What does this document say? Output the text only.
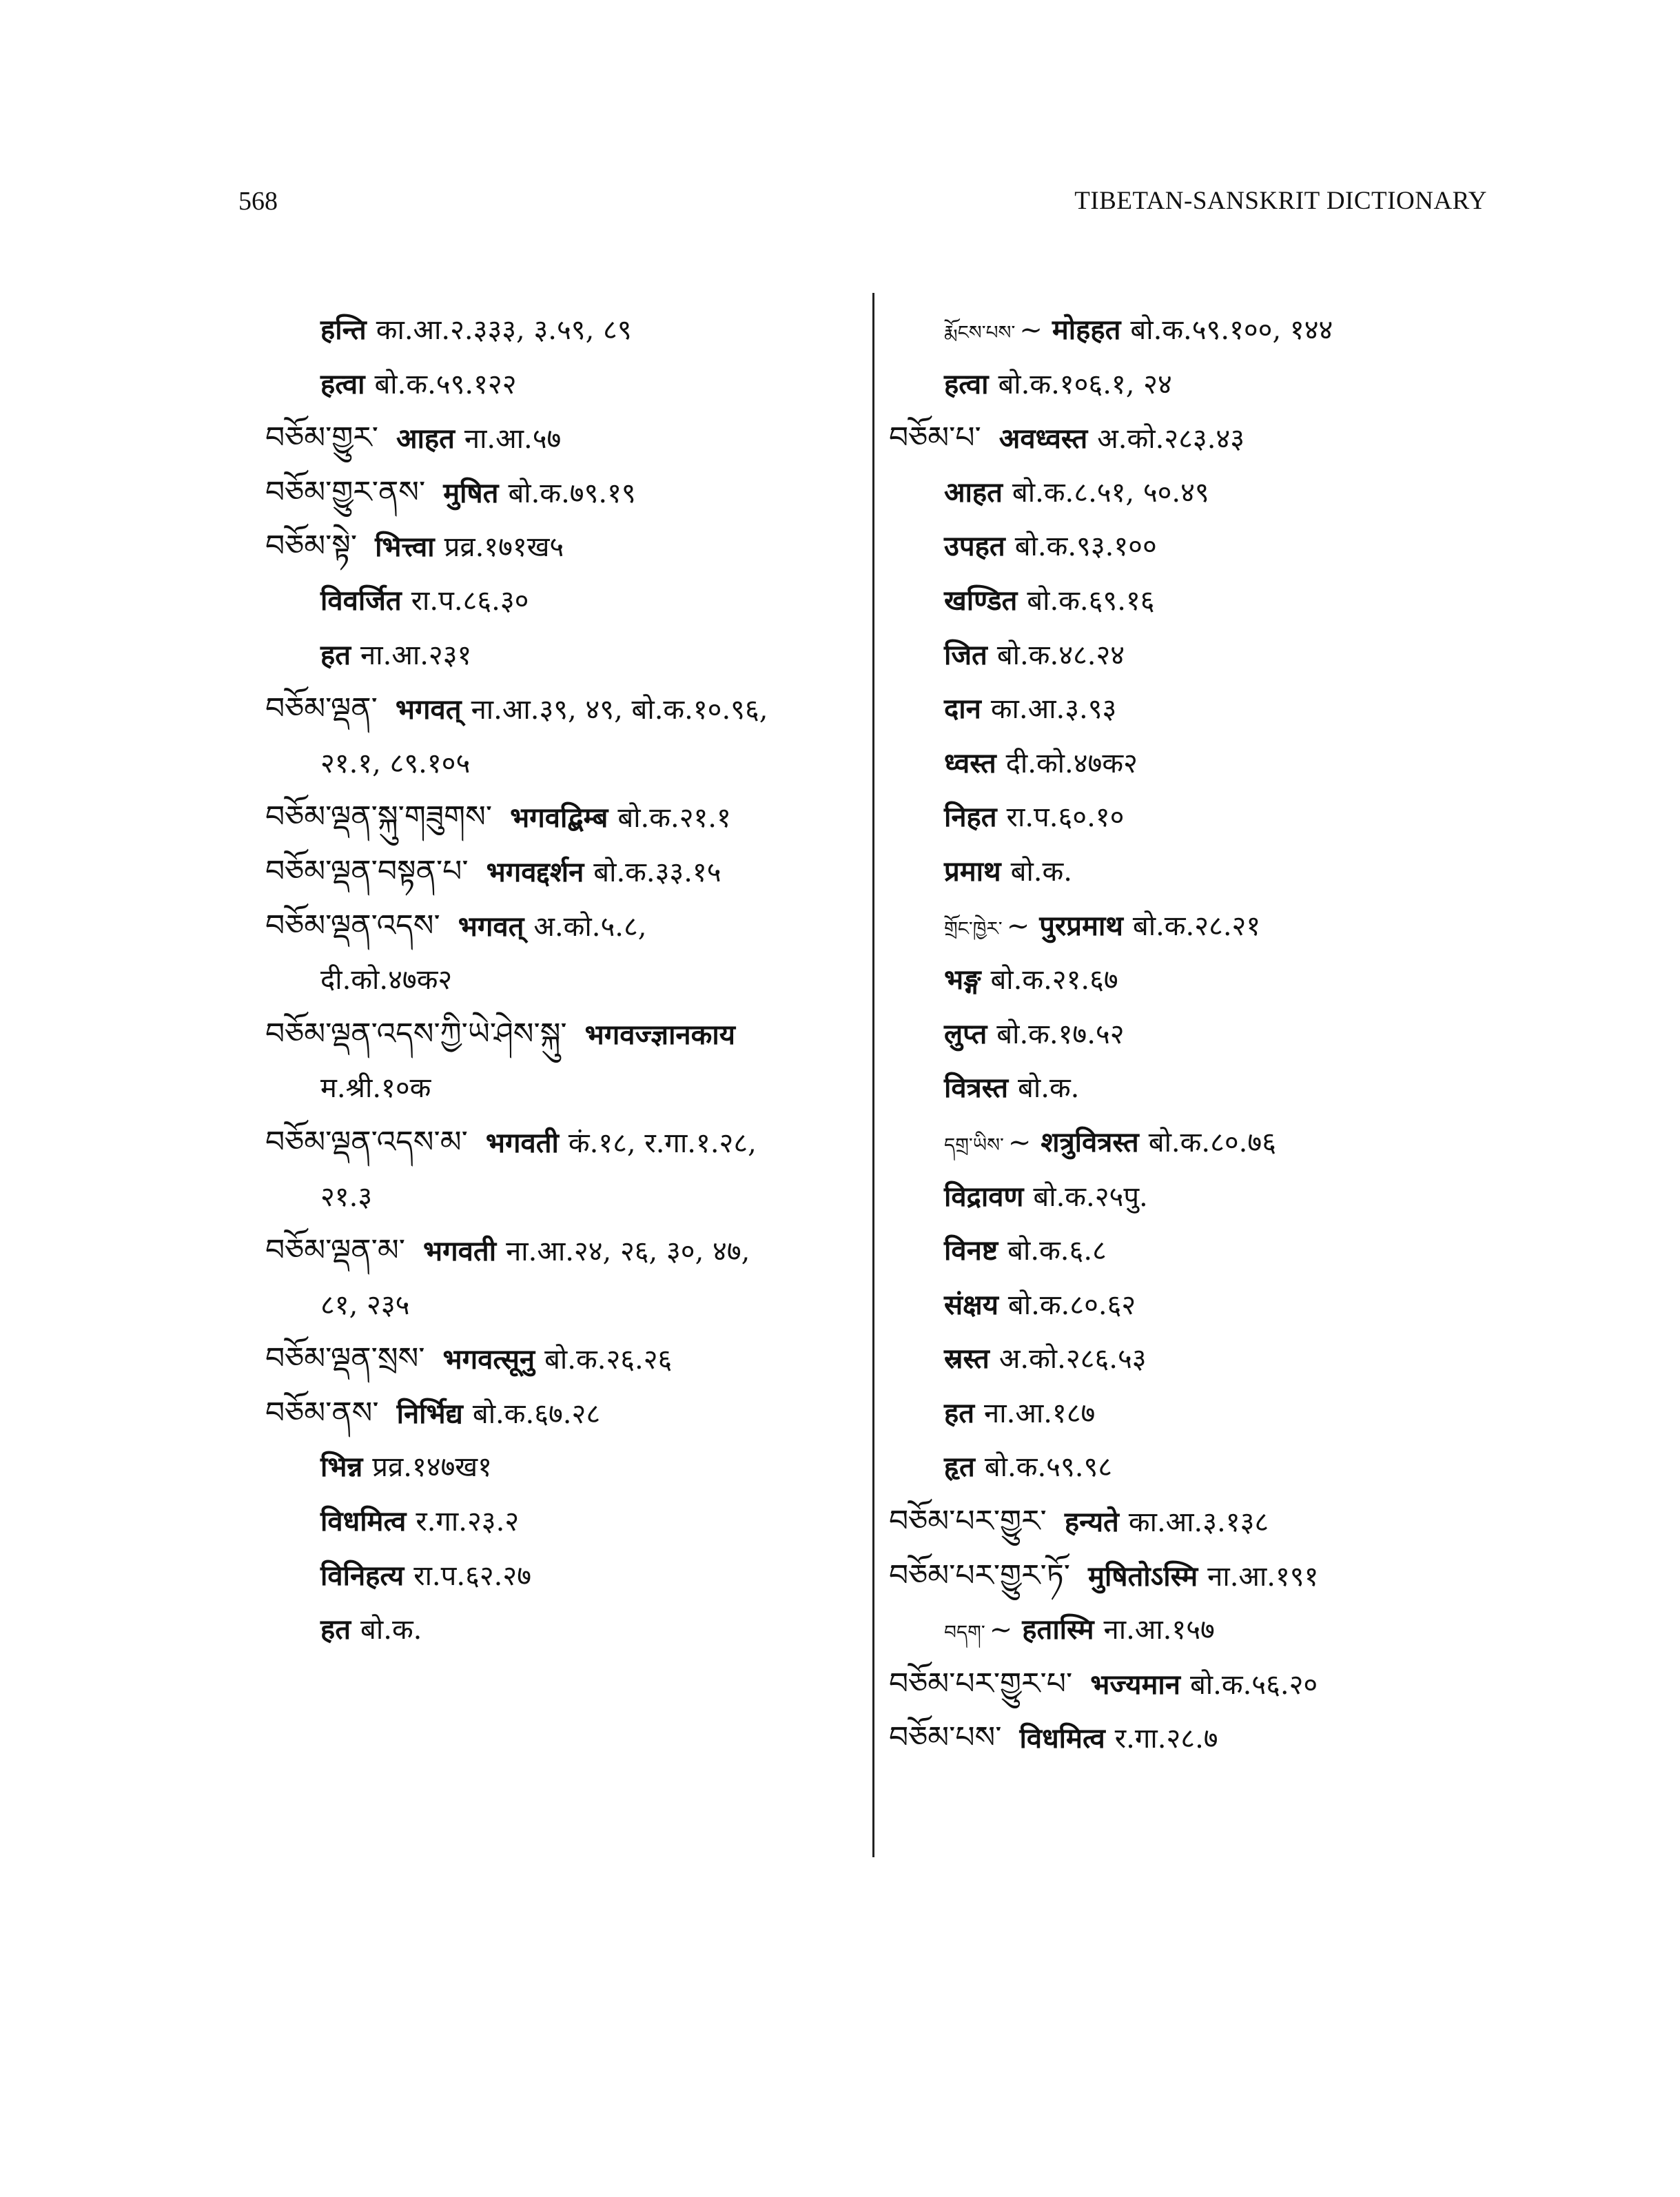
568	TIBETAN-SANSKRIT DICTIONARY
हन्ति का.आ.२.३३३, ३.५९, ८९
हत्वा बो.क.५९.१२२
བཅོམ་གྱུར་ आहत ना.आ.५७
བཅོམ་གྱུར་ནས་ मुषित बो.क.७९.१९
བཅོམ་སྟེ་ भित्त्वा प्रव्र.१७१ख५
विवर्जित रा.प.८६.३०
हत ना.आ.२३१
བཅོམ་ལྡན་ भगवत् ना.आ.३९, ४९, बो.क.१०.९६,
२१.१, ८९.१०५
བཅོམ་ལྡན་སྐུ་གཟུགས་ भगवद्बिम्ब बो.क.२१.१
བཅོམ་ལྡན་བསྟན་པ་ भगवद्दर्शन बो.क.३३.१५
བཅོམ་ལྡན་འདས་ भगवत् अ.को.५.८,
दी.को.४७क२
བཅོམ་ལྡན་འདས་ཀྱི་ཡེ་ཤེས་སྐུ་ भगवज्ज्ञानकाय
म.श्री.१०क
བཅོམ་ལྡན་འདས་མ་ भगवती कं.१८, र.गा.१.२८,
२१.३
བཅོམ་ལྡན་མ་ भगवती ना.आ.२४, २६, ३०, ४७,
८१, २३५
བཅོམ་ལྡན་སྲས་ भगवत्सूनु बो.क.२६.२६
བཅོམ་ནས་ निर्भिद्य बो.क.६७.२८
भिन्न प्रव्र.१४७ख१
विधमित्व र.गा.२३.२
विनिहत्य रा.प.६२.२७
हत बो.क.
རྨོངས་པས་ ~ मोहहत बो.क.५९.१००, १४४
हत्वा बो.क.१०६.१, २४
བཅོམ་པ་ अवध्वस्त अ.को.२८३.४३
आहत बो.क.८.५१, ५०.४९
उपहत बो.क.९३.१००
खण्डित बो.क.६९.१६
जित बो.क.४८.२४
दान का.आ.३.९३
ध्वस्त दी.को.४७क२
निहत रा.प.६०.१०
प्रमाथ बो.क.
གྲོང་ཁྱེར་ ~ पुरप्रमाथ बो.क.२८.२१
भङ्ग बो.क.२१.६७
लुप्त बो.क.१७.५२
वित्रस्त बो.क.
དགྲ་ཡིས་ ~ शत्रुवित्रस्त बो.क.८०.७६
विद्रावण बो.क.२५पु.
विनष्ट बो.क.६.८
संक्षय बो.क.८०.६२
स्रस्त अ.को.२८६.५३
हत ना.आ.१८७
हृत बो.क.५९.९८
བཅོམ་པར་གྱུར་ हन्यते का.आ.३.१३८
བཅོམ་པར་གྱུར་ཏོ་ मुषितोऽस्मि ना.आ.१९१
བདག་ ~ हतास्मि ना.आ.१५७
བཅོམ་པར་གྱུར་པ་ भज्यमान बो.क.५६.२०
བཅོམ་པས་ विधमित्व र.गा.२८.७
